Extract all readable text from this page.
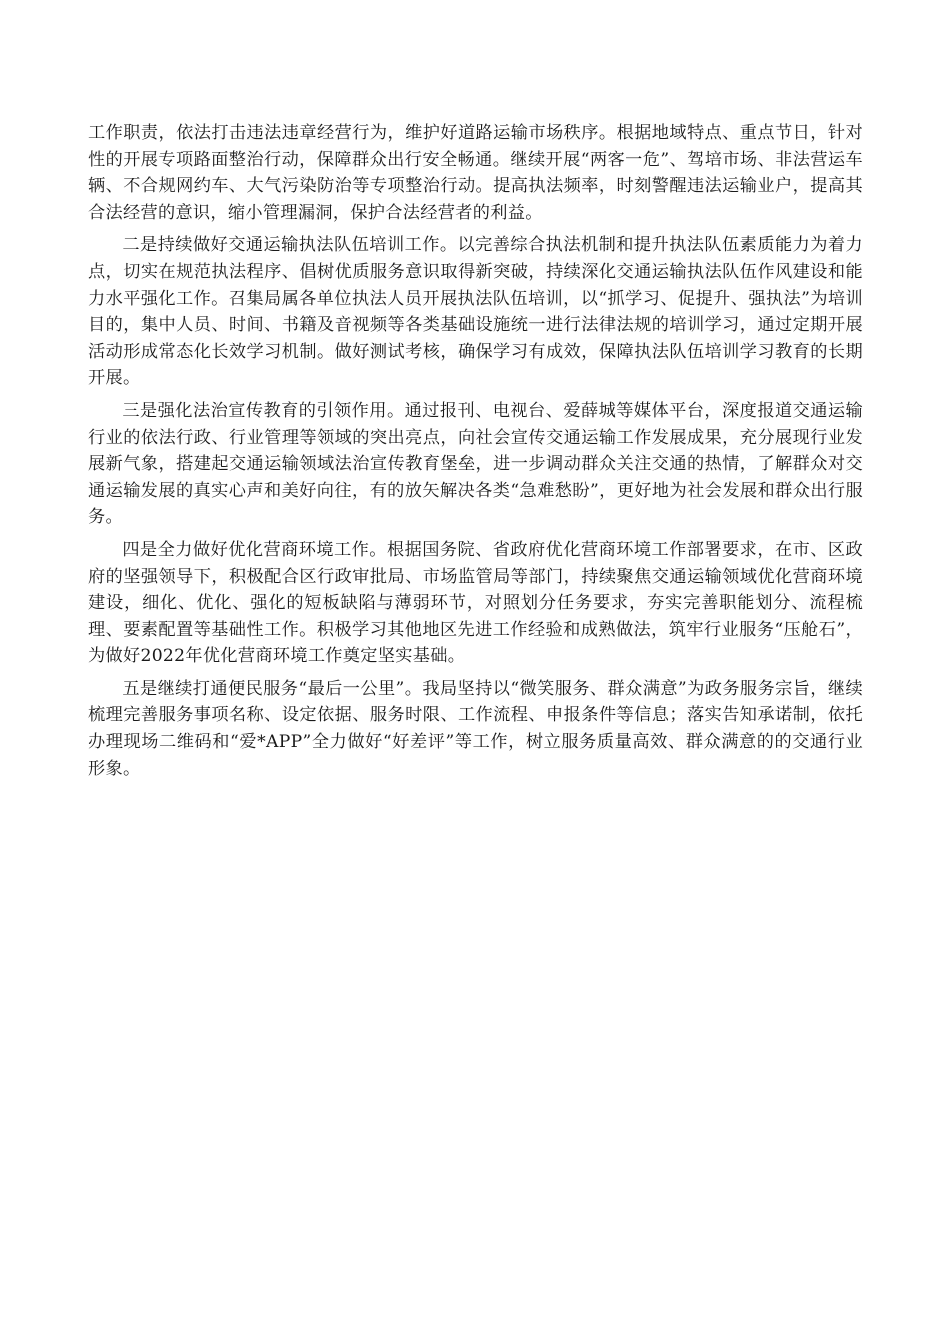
工作职责，依法打击违法违章经营行为，维护好道路运输市场秩序。根据地域特点、重点节日，针对性的开展专项路面整治行动，保障群众出行安全畅通。继续开展“两客一危”、驾培市场、非法营运车辆、不合规网约车、大气污染防治等专项整治行动。提高执法频率，时刻警醒违法运输业户，提高其合法经营的意识，缩小管理漏洞，保护合法经营者的利益。

二是持续做好交通运输执法队伍培训工作。以完善综合执法机制和提升执法队伍素质能力为着力点，切实在规范执法程序、倡树优质服务意识取得新突破，持续深化交通运输执法队伍作风建设和能力水平强化工作。召集局属各单位执法人员开展执法队伍培训，以“抓学习、促提升、强执法”为培训目的，集中人员、时间、书籍及音视频等各类基础设施统一进行法律法规的培训学习，通过定期开展活动形成常态化长效学习机制。做好测试考核，确保学习有成效，保障执法队伍培训学习教育的长期开展。

三是强化法治宣传教育的引领作用。通过报刊、电视台、爱薛城等媒体平台，深度报道交通运输行业的依法行政、行业管理等领域的突出亮点，向社会宣传交通运输工作发展成果，充分展现行业发展新气象，搭建起交通运输领域法治宣传教育堡垒，进一步调动群众关注交通的热情，了解群众对交通运输发展的真实心声和美好向往，有的放矢解决各类“急难愁盼”，更好地为社会发展和群众出行服务。

四是全力做好优化营商环境工作。根据国务院、省政府优化营商环境工作部署要求，在市、区政府的坚强领导下，积极配合区行政审批局、市场监管局等部门，持续聚焦交通运输领域优化营商环境建设，细化、优化、强化的短板缺陷与薄弱环节，对照划分任务要求，夯实完善职能划分、流程梳理、要素配置等基础性工作。积极学习其他地区先进工作经验和成熟做法，筑牢行业服务“压舱石”，为做好2022年优化营商环境工作奠定坚实基础。

五是继续打通便民服务“最后一公里”。我局坚持以“微笑服务、群众满意”为政务服务宗旨，继续梳理完善服务事项名称、设定依据、服务时限、工作流程、申报条件等信息；落实告知承诺制，依托办理现场二维码和“爱*APP”全力做好“好差评”等工作，树立服务质量高效、群众满意的的交通行业形象。
